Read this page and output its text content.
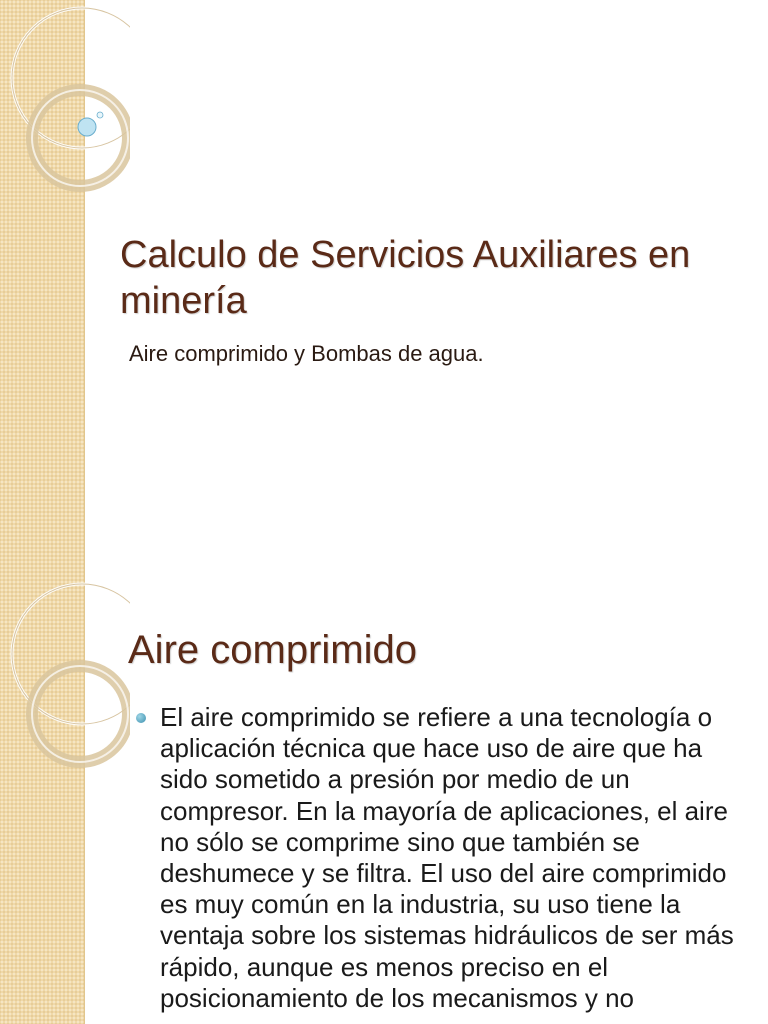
Calculo de Servicios Auxiliares en minería

Aire comprimido y Bombas de agua.

Aire comprimido
El aire comprimido se refiere a una tecnología o aplicación técnica que hace uso de aire que ha sido sometido a presión por medio de un compresor. En la mayoría de aplicaciones, el aire no sólo se comprime sino que también se deshumece y se filtra. El uso del aire comprimido es muy común en la industria, su uso tiene la ventaja sobre los sistemas hidráulicos de ser más rápido, aunque es menos preciso en el posicionamiento de los mecanismos y no
